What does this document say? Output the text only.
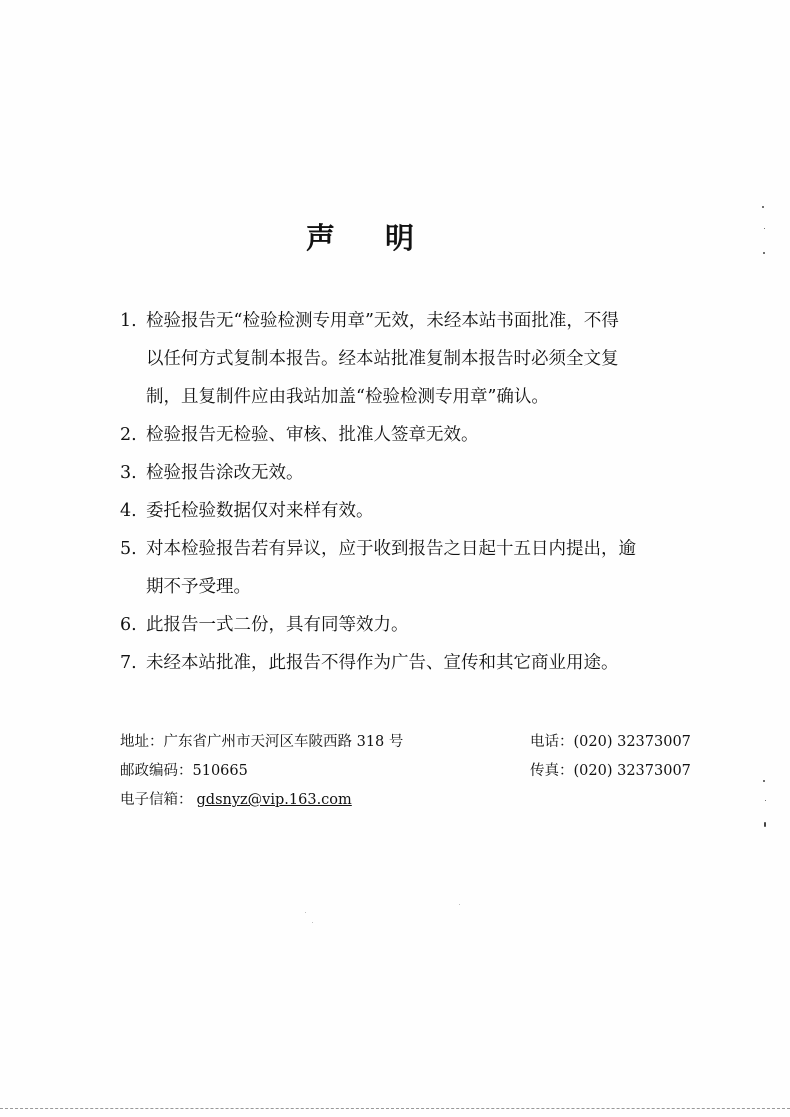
声 明
1. 检验报告无“检验检测专用章”无效，未经本站书面批准，不得
以任何方式复制本报告。经本站批准复制本报告时必须全文复
制，且复制件应由我站加盖“检验检测专用章”确认。
2. 检验报告无检验、审核、批准人签章无效。
3. 检验报告涂改无效。
4. 委托检验数据仅对来样有效。
5. 对本检验报告若有异议，应于收到报告之日起十五日内提出，逾
期不予受理。
6. 此报告一式二份，具有同等效力。
7. 未经本站批准，此报告不得作为广告、宣传和其它商业用途。
地址：广东省广州市天河区车陂西路 318 号	电话：(020) 32373007
邮政编码：510665	传真：(020) 32373007
电子信箱： gdsnyz@vip.163.com
